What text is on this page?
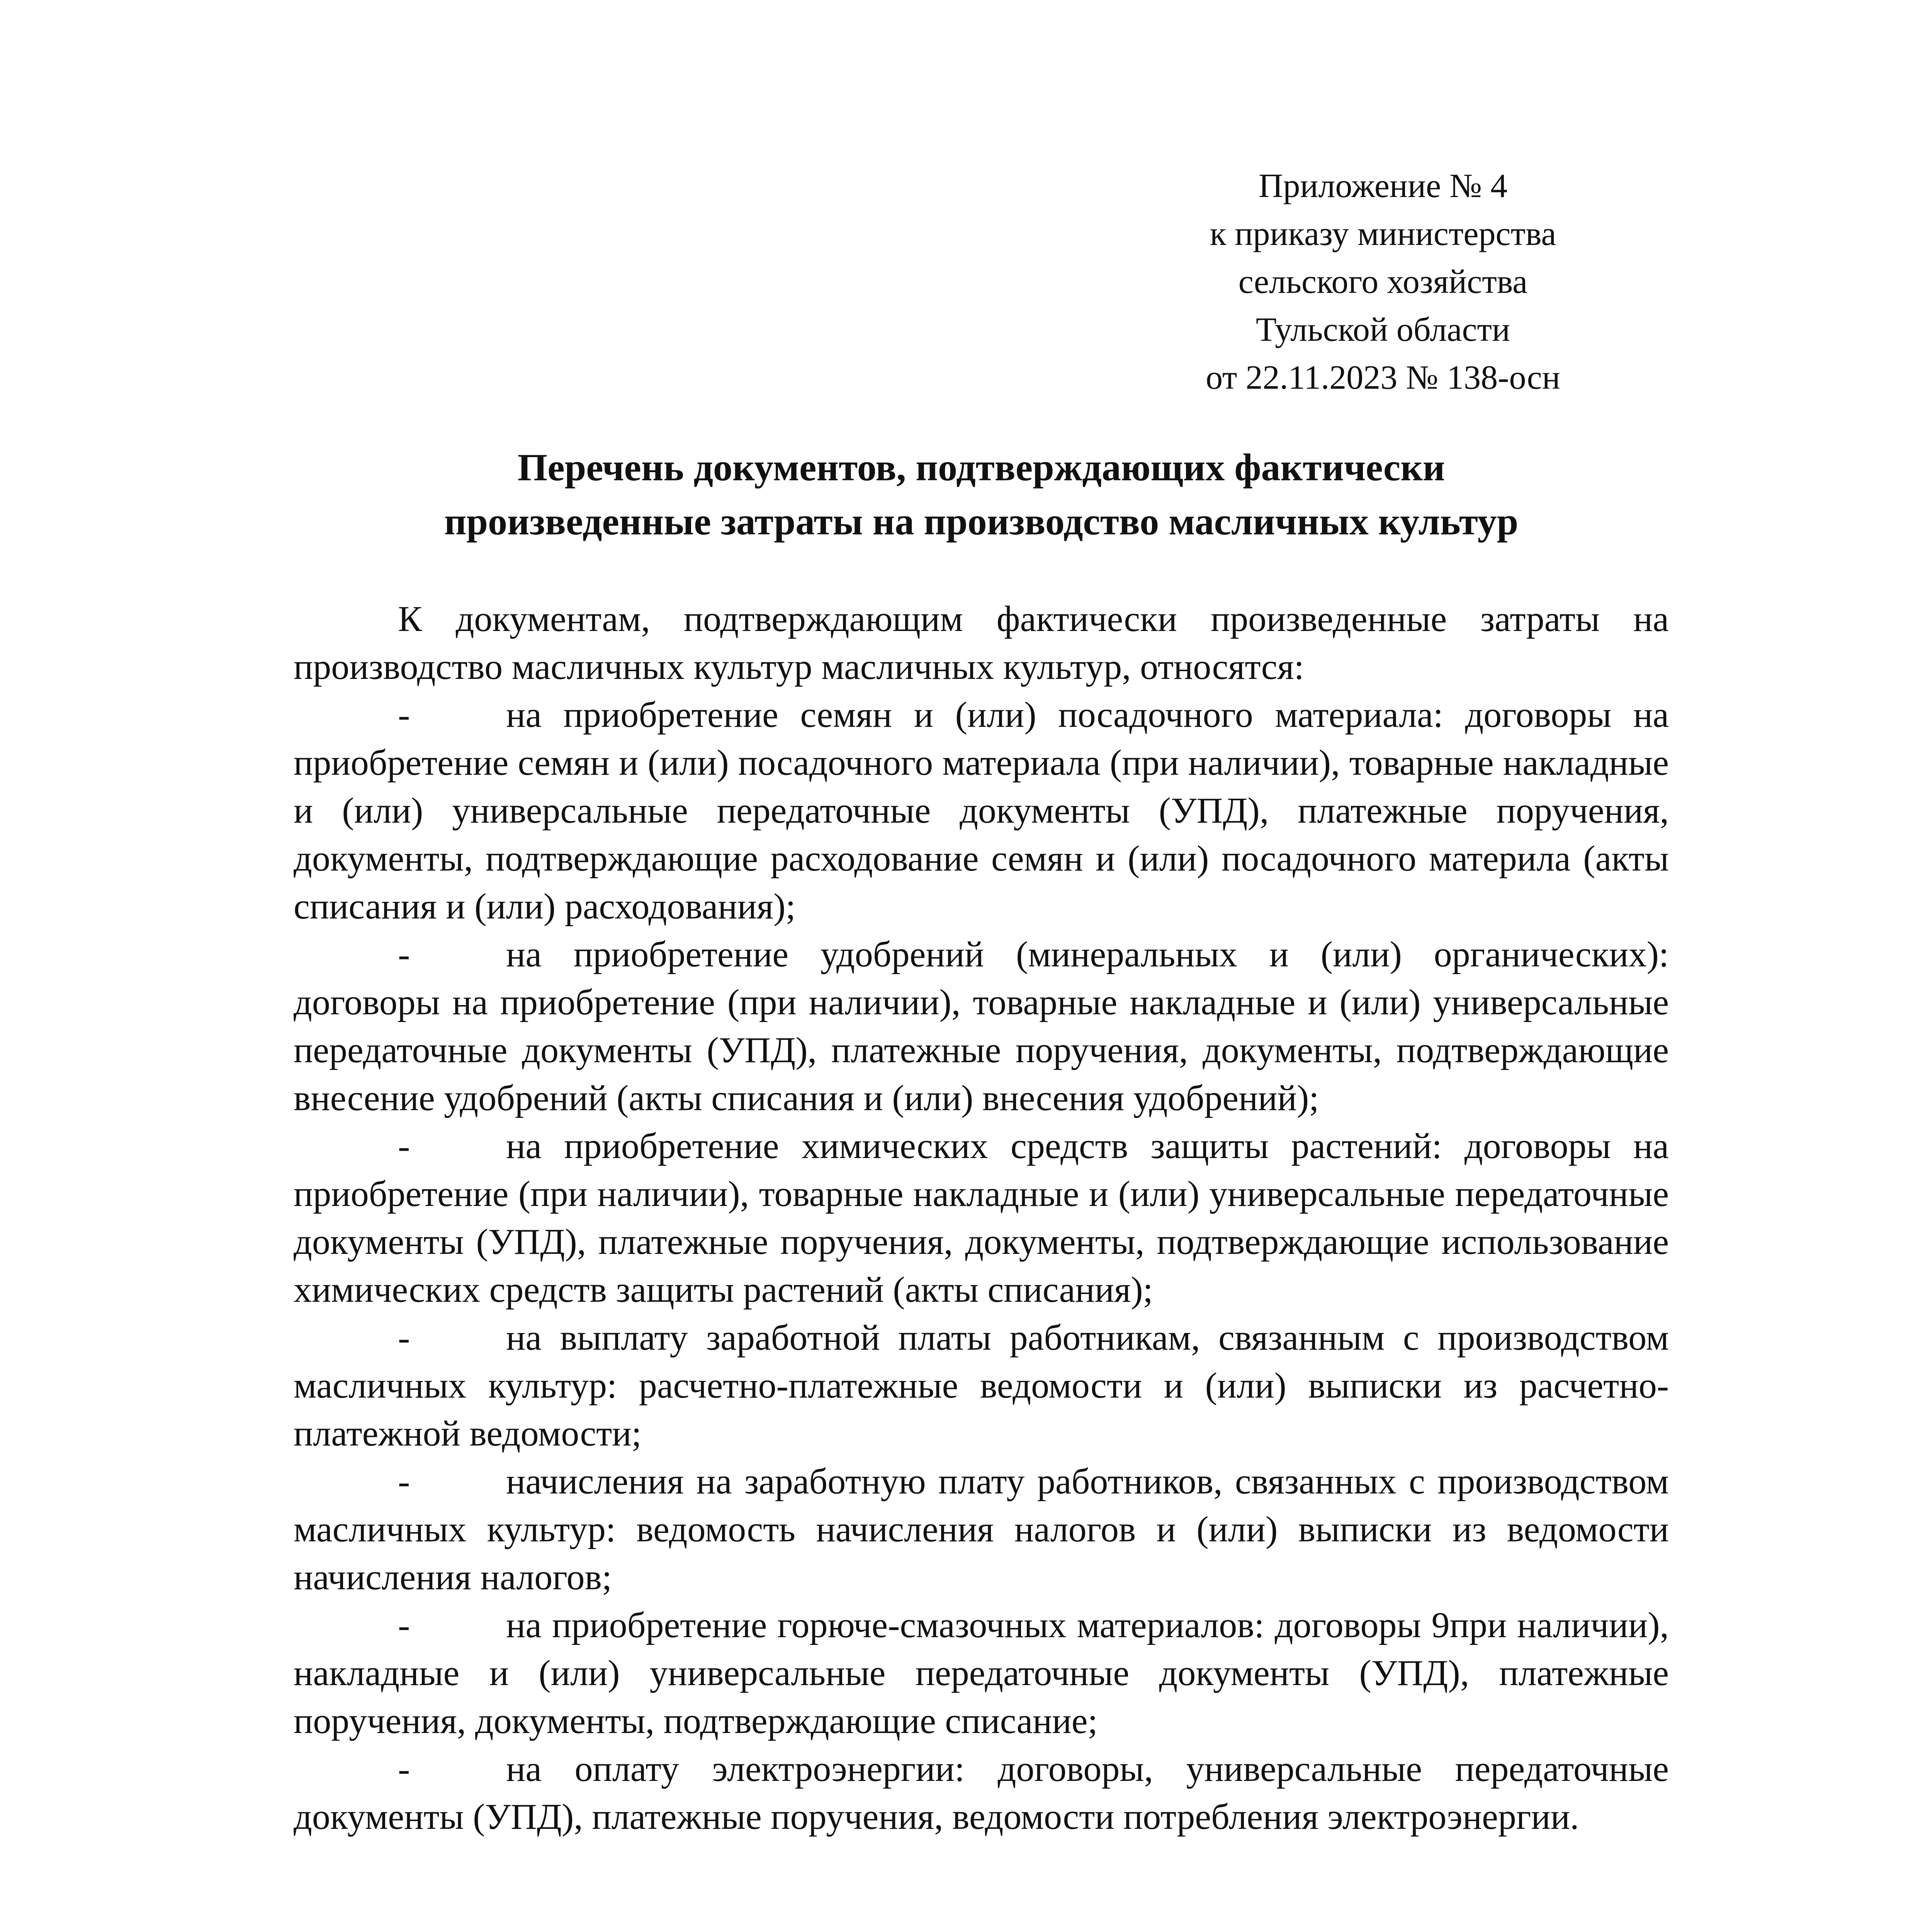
Приложение № 4
к приказу министерства
сельского хозяйства
Тульской области
от 22.11.2023 № 138-осн
Перечень документов, подтверждающих фактически
произведенные затраты на производство масличных культур

К документам, подтверждающим фактически произведенные затраты на производство масличных культур масличных культур, относятся:

-	на приобретение семян и (или) посадочного материала: договоры на приобретение семян и (или) посадочного материала (при наличии), товарные накладные и (или) универсальные передаточные документы (УПД), платежные поручения, документы, подтверждающие расходование семян и (или) посадочного материла (акты списания и (или) расходования);

-	на приобретение удобрений (минеральных и (или) органических): договоры на приобретение (при наличии), товарные накладные и (или) универсальные передаточные документы (УПД), платежные поручения, документы, подтверждающие внесение удобрений (акты списания и (или) внесения удобрений);

-	на приобретение химических средств защиты растений: договоры на приобретение (при наличии), товарные накладные и (или) универсальные передаточные документы (УПД), платежные поручения, документы, подтверждающие использование химических средств защиты растений (акты списания);

-	на выплату заработной платы работникам, связанным с производством масличных культур: расчетно-платежные ведомости и (или) выписки из расчетно-платежной ведомости;

-	начисления на заработную плату работников, связанных с производством масличных культур: ведомость начисления налогов и (или) выписки из ведомости начисления налогов;

-	на приобретение горюче-смазочных материалов: договоры 9при наличии), накладные и (или) универсальные передаточные документы (УПД), платежные поручения, документы, подтверждающие списание;

-	на оплату электроэнергии: договоры, универсальные передаточные документы (УПД), платежные поручения, ведомости потребления электроэнергии.
